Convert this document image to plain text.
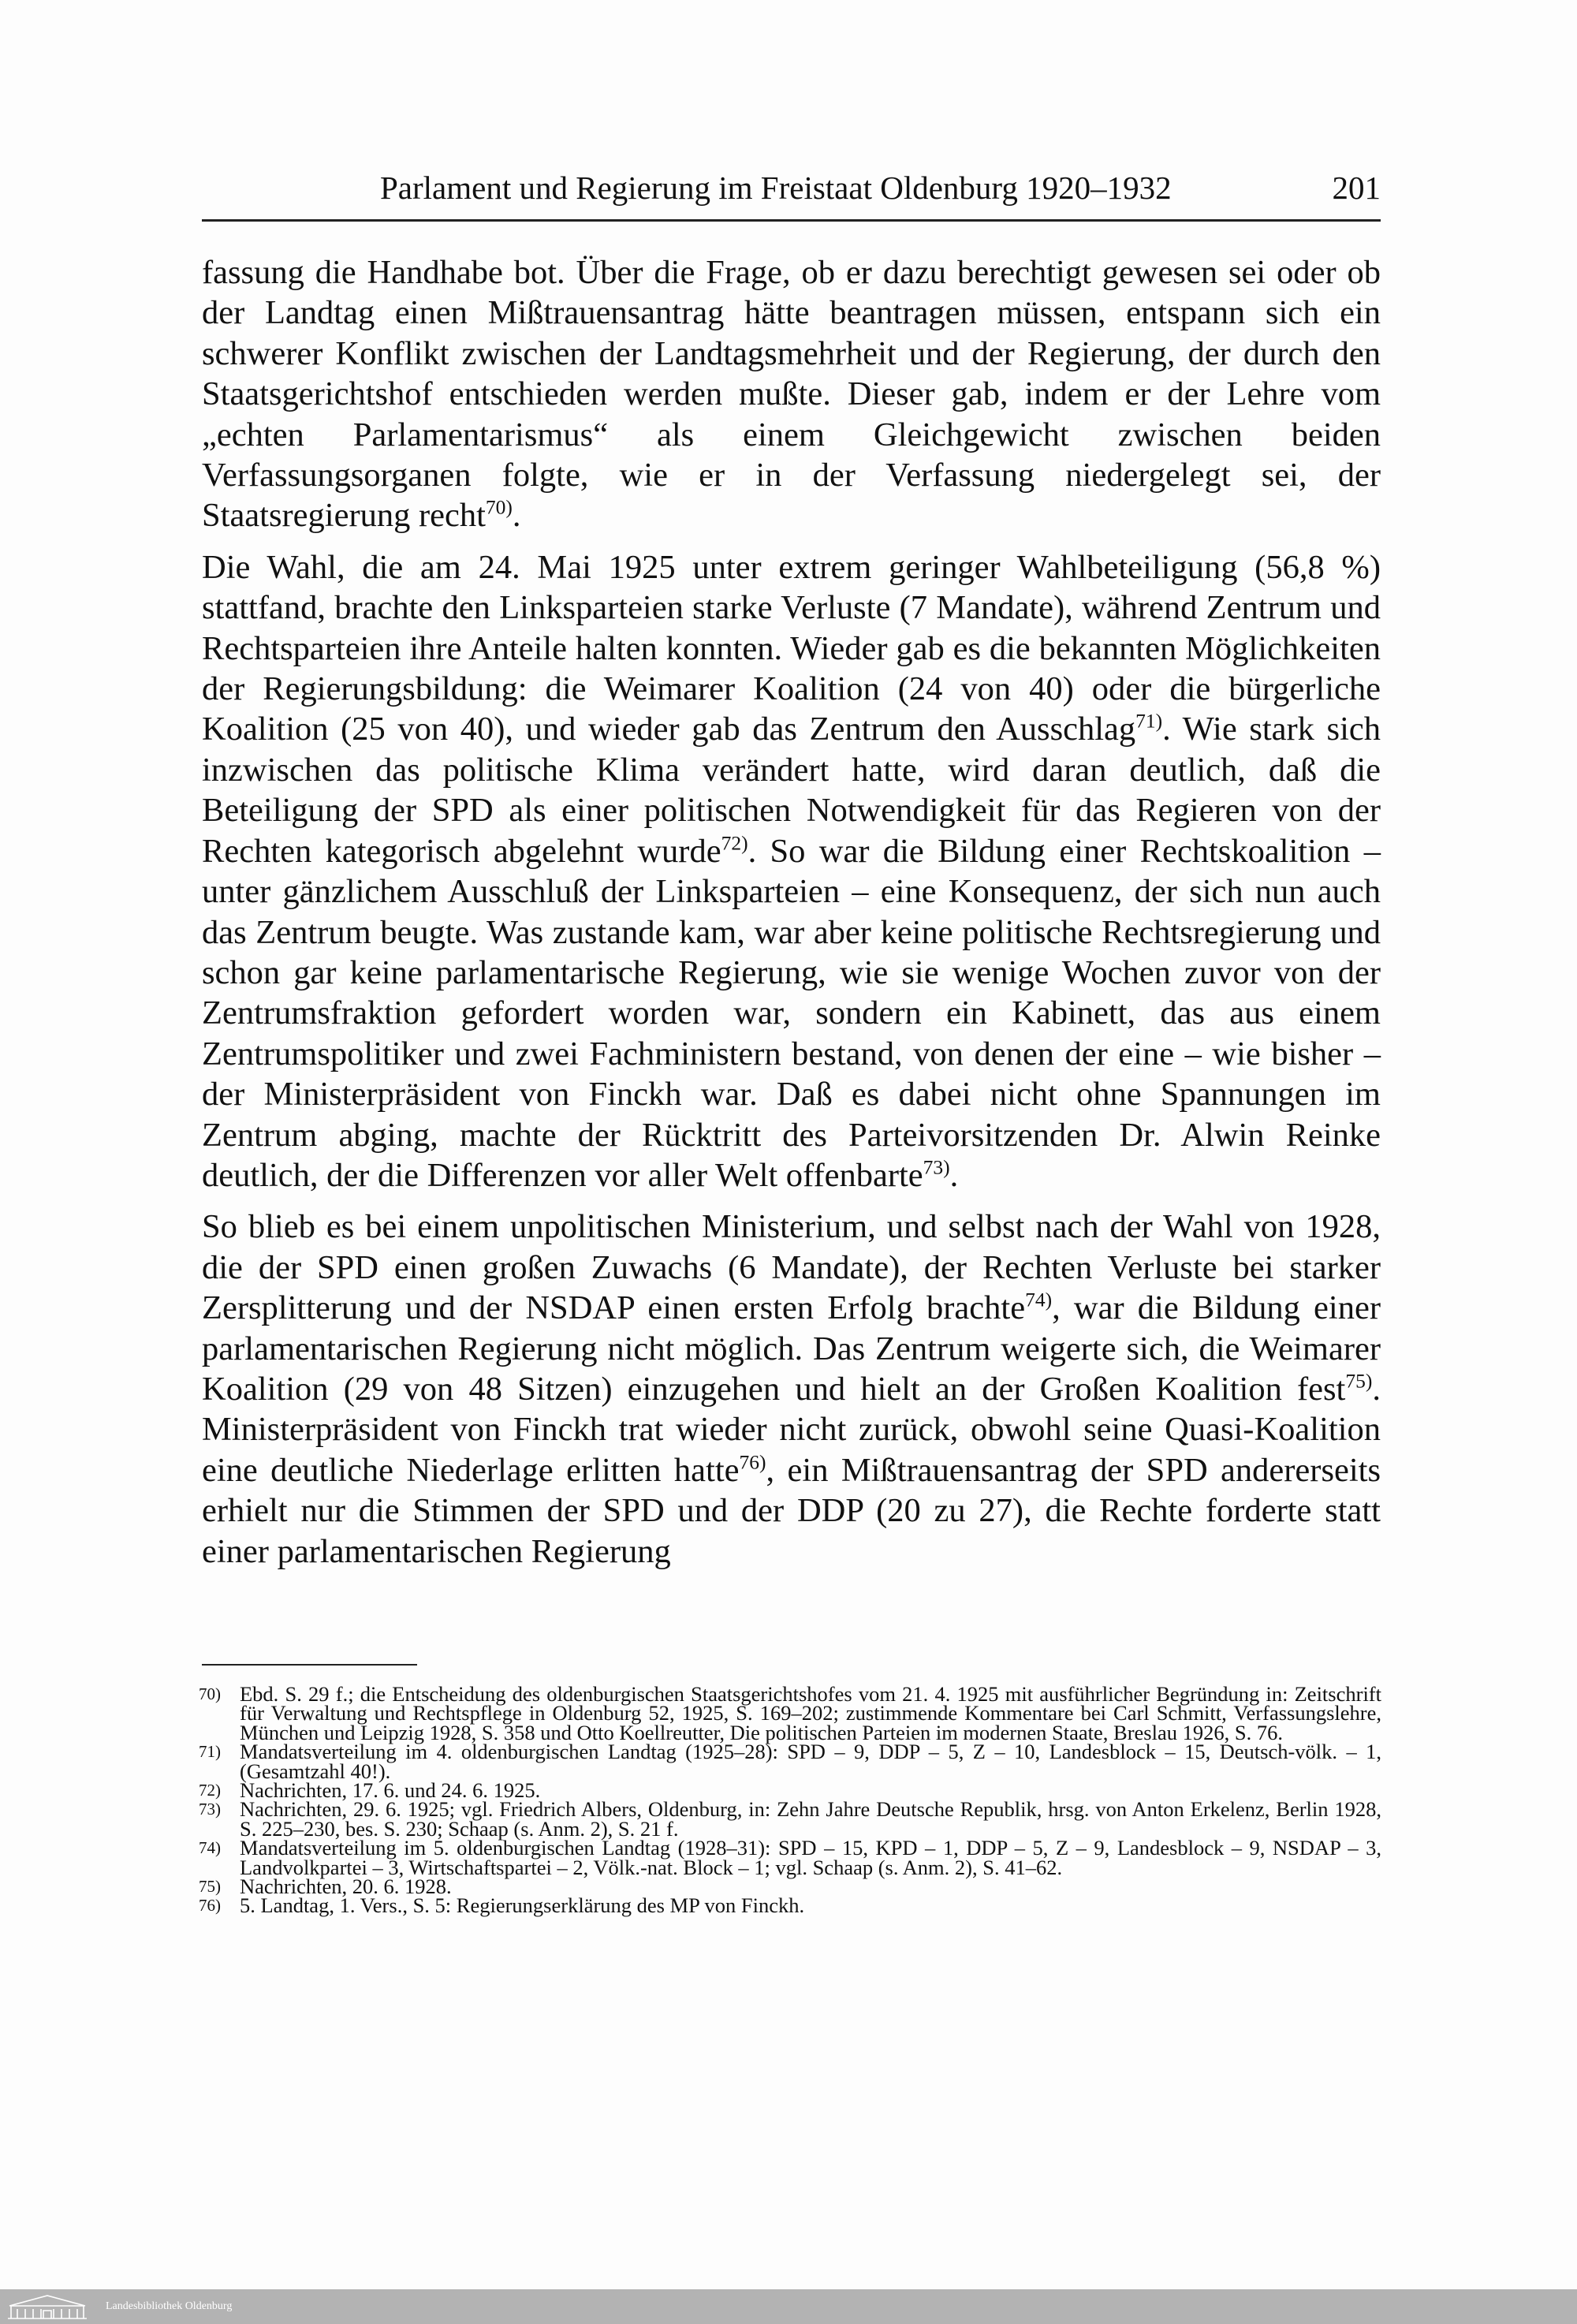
Parlament und Regierung im Freistaat Oldenburg 1920–1932	201

fassung die Handhabe bot. Über die Frage, ob er dazu berechtigt gewesen sei oder ob der Landtag einen Mißtrauensantrag hätte beantragen müssen, entspann sich ein schwerer Konflikt zwischen der Landtagsmehrheit und der Regierung, der durch den Staatsgerichtshof entschieden werden mußte. Dieser gab, indem er der Lehre vom „echten Parlamentarismus“ als einem Gleichgewicht zwischen beiden Verfassungsorganen folgte, wie er in der Verfassung niedergelegt sei, der Staatsregierung recht$^{70)}$.

Die Wahl, die am 24. Mai 1925 unter extrem geringer Wahlbeteiligung (56,8 %) stattfand, brachte den Linksparteien starke Verluste (7 Mandate), während Zentrum und Rechtsparteien ihre Anteile halten konnten. Wieder gab es die bekannten Möglichkeiten der Regierungsbildung: die Weimarer Koalition (24 von 40) oder die bürgerliche Koalition (25 von 40), und wieder gab das Zentrum den Ausschlag$^{71)}$. Wie stark sich inzwischen das politische Klima verändert hatte, wird daran deutlich, daß die Beteiligung der SPD als einer politischen Notwendigkeit für das Regieren von der Rechten kategorisch abgelehnt wurde$^{72)}$. So war die Bildung einer Rechtskoalition – unter gänzlichem Ausschluß der Linksparteien – eine Konsequenz, der sich nun auch das Zentrum beugte. Was zustande kam, war aber keine politische Rechtsregierung und schon gar keine parlamentarische Regierung, wie sie wenige Wochen zuvor von der Zentrumsfraktion gefordert worden war, sondern ein Kabinett, das aus einem Zentrumspolitiker und zwei Fachministern bestand, von denen der eine – wie bisher – der Ministerpräsident von Finckh war. Daß es dabei nicht ohne Spannungen im Zentrum abging, machte der Rücktritt des Parteivorsitzenden Dr. Alwin Reinke deutlich, der die Differenzen vor aller Welt offenbarte$^{73)}$.

So blieb es bei einem unpolitischen Ministerium, und selbst nach der Wahl von 1928, die der SPD einen großen Zuwachs (6 Mandate), der Rechten Verluste bei starker Zersplitterung und der NSDAP einen ersten Erfolg brachte$^{74)}$, war die Bildung einer parlamentarischen Regierung nicht möglich. Das Zentrum weigerte sich, die Weimarer Koalition (29 von 48 Sitzen) einzugehen und hielt an der Großen Koalition fest$^{75)}$. Ministerpräsident von Finckh trat wieder nicht zurück, obwohl seine Quasi-Koalition eine deutliche Niederlage erlitten hatte$^{76)}$, ein Mißtrauensantrag der SPD andererseits erhielt nur die Stimmen der SPD und der DDP (20 zu 27), die Rechte forderte statt einer parlamentarischen Regierung

70) Ebd. S. 29 f.; die Entscheidung des oldenburgischen Staatsgerichtshofes vom 21. 4. 1925 mit ausführlicher Begründung in: Zeitschrift für Verwaltung und Rechtspflege in Oldenburg 52, 1925, S. 169–202; zustimmende Kommentare bei Carl Schmitt, Verfassungslehre, München und Leipzig 1928, S. 358 und Otto Koellreutter, Die politischen Parteien im modernen Staate, Breslau 1926, S. 76.
71) Mandatsverteilung im 4. oldenburgischen Landtag (1925–28): SPD – 9, DDP – 5, Z – 10, Landesblock – 15, Deutsch-völk. – 1, (Gesamtzahl 40!).
72) Nachrichten, 17. 6. und 24. 6. 1925.
73) Nachrichten, 29. 6. 1925; vgl. Friedrich Albers, Oldenburg, in: Zehn Jahre Deutsche Republik, hrsg. von Anton Erkelenz, Berlin 1928, S. 225–230, bes. S. 230; Schaap (s. Anm. 2), S. 21 f.
74) Mandatsverteilung im 5. oldenburgischen Landtag (1928–31): SPD – 15, KPD – 1, DDP – 5, Z – 9, Landesblock – 9, NSDAP – 3, Landvolkpartei – 3, Wirtschaftspartei – 2, Völk.-nat. Block – 1; vgl. Schaap (s. Anm. 2), S. 41–62.
75) Nachrichten, 20. 6. 1928.
76) 5. Landtag, 1. Vers., S. 5: Regierungserklärung des MP von Finckh.
Landesbibliothek Oldenburg
